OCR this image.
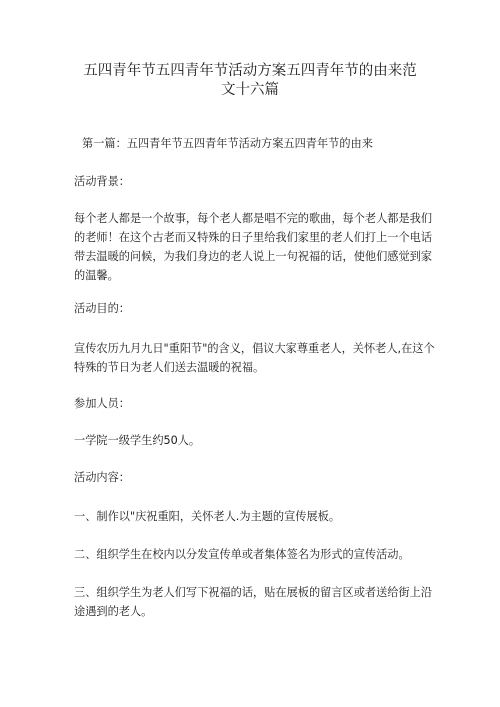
五四青年节五四青年节活动方案五四青年节的由来范
文十六篇

第一篇：五四青年节五四青年节活动方案五四青年节的由来

活动背景：

每个老人都是一个故事，每个老人都是唱不完的歌曲，每个老人都是我们的老师！在这个古老而又特殊的日子里给我们家里的老人们打上一个电话带去温暖的问候，为我们身边的老人说上一句祝福的话，使他们感觉到家的温馨。

活动目的：

宣传农历九月九日"重阳节"的含义，倡议大家尊重老人，关怀老人,在这个特殊的节日为老人们送去温暖的祝福。

参加人员：

一学院一级学生约50人。

活动内容：

一、制作以"庆祝重阳，关怀老人.为主题的宣传展板。

二、组织学生在校内以分发宣传单或者集体签名为形式的宣传活动。

三、组织学生为老人们写下祝福的话，贴在展板的留言区或者送给街上沿途遇到的老人。
